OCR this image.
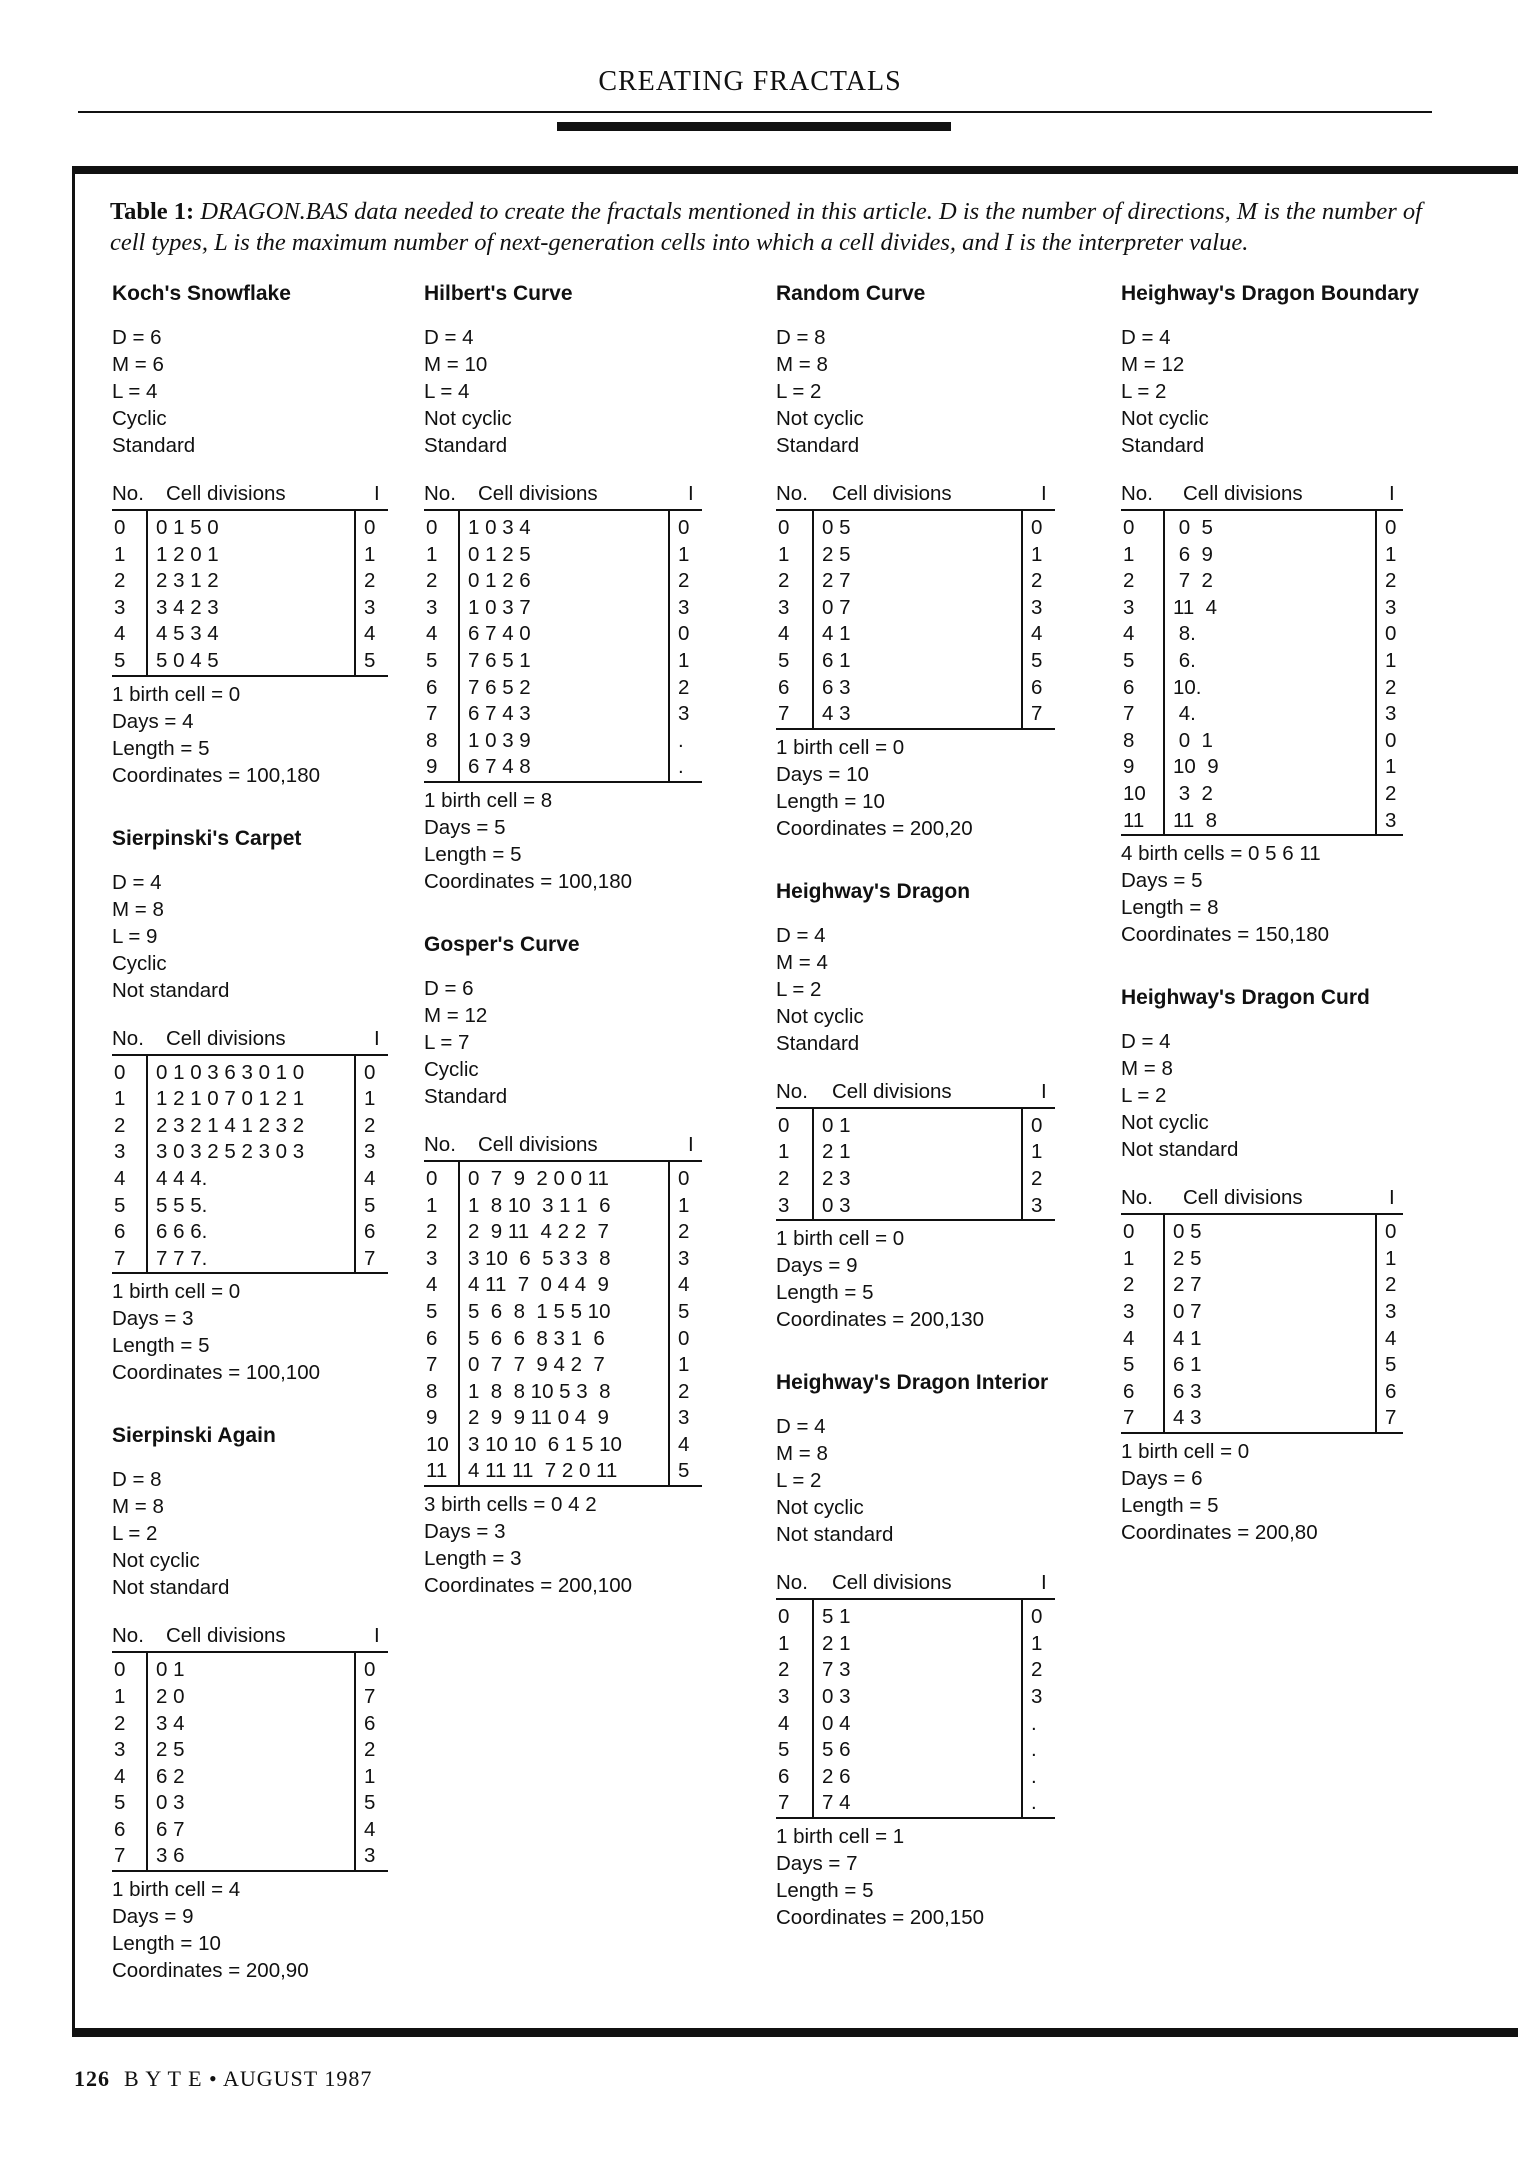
CREATING FRACTALS
Table 1: DRAGON.BAS data needed to create the fractals mentioned in this article. D is the number of directions, M is the number of cell types, L is the maximum number of next-generation cells into which a cell divides, and I is the interpreter value.
Koch's Snowflake
D = 6
M = 6
L = 4
Cyclic
Standard
No. Cell divisions	I
0 0 1 5 0	0
1 1 2 0 1	1
2 2 3 1 2	2
3 3 4 2 3	3
4 4 5 3 4	4
5 5 0 4 5	5
1 birth cell = 0
Days = 4
Length = 5
Coordinates = 100,180
Sierpinski's Carpet
D = 4
M = 8
L = 9
Cyclic
Not standard
No. Cell divisions	I
0 0 1 0 3 6 3 0 1 0	0
1 1 2 1 0 7 0 1 2 1	1
2 2 3 2 1 4 1 2 3 2	2
3 3 0 3 2 5 2 3 0 3	3
4 4 4 4.	4
5 5 5 5.	5
6 6 6 6.	6
7 7 7 7.	7
1 birth cell = 0
Days = 3
Length = 5
Coordinates = 100,100
Sierpinski Again
D = 8
M = 8
L = 2
Not cyclic
Not standard
No. Cell divisions	I
0 0 1	0
1 2 0	7
2 3 4	6
3 2 5	2
4 6 2	1
5 0 3	5
6 6 7	4
7 3 6	3
1 birth cell = 4
Days = 9
Length = 10
Coordinates = 200,90
Hilbert's Curve
D = 4
M = 10
L = 4
Not cyclic
Standard
No. Cell divisions	I
0 1 0 3 4	0
1 0 1 2 5	1
2 0 1 2 6	2
3 1 0 3 7	3
4 6 7 4 0	0
5 7 6 5 1	1
6 7 6 5 2	2
7 6 7 4 3	3
8 1 0 3 9	.
9 6 7 4 8	.
1 birth cell = 8
Days = 5
Length = 5
Coordinates = 100,180
Gosper's Curve
D = 6
M = 12
L = 7
Cyclic
Standard
No. Cell divisions	I
0 0  7  9  2 0 0 11	0
1 1  8 10  3 1 1  6	1
2 2  9 11  4 2 2  7	2
3 3 10  6  5 3 3  8	3
4 4 11  7  0 4 4  9	4
5 5  6  8  1 5 5 10	5
6 5  6  6  8 3 1  6	0
7 0  7  7  9 4 2  7	1
8 1  8  8 10 5 3  8	2
9 2  9  9 11 0 4  9	3
10 3 10 10  6 1 5 10	4
11 4 11 11  7 2 0 11	5
3 birth cells = 0 4 2
Days = 3
Length = 3
Coordinates = 200,100
Random Curve
D = 8
M = 8
L = 2
Not cyclic
Standard
No. Cell divisions	I
0 0 5	0
1 2 5	1
2 2 7	2
3 0 7	3
4 4 1	4
5 6 1	5
6 6 3	6
7 4 3	7
1 birth cell = 0
Days = 10
Length = 10
Coordinates = 200,20
Heighway's Dragon
D = 4
M = 4
L = 2
Not cyclic
Standard
No. Cell divisions	I
0 0 1	0
1 2 1	1
2 2 3	2
3 0 3	3
1 birth cell = 0
Days = 9
Length = 5
Coordinates = 200,130
Heighway's Dragon Interior
D = 4
M = 8
L = 2
Not cyclic
Not standard
No. Cell divisions	I
0 5 1	0
1 2 1	1
2 7 3	2
3 0 3	3
4 0 4	.
5 5 6	.
6 2 6	.
7 7 4	.
1 birth cell = 1
Days = 7
Length = 5
Coordinates = 200,150
Heighway's Dragon Boundary
D = 4
M = 12
L = 2
Not cyclic
Standard
No. Cell divisions	I
0 0  5	0
1 6  9	1
2 7  2	2
3 11  4	3
4 8.	0
5 6.	1
6 10.	2
7 4.	3
8 0  1	0
9 10  9	1
10 3  2	2
11 11  8	3
4 birth cells = 0 5 6 11
Days = 5
Length = 8
Coordinates = 150,180
Heighway's Dragon Curd
D = 4
M = 8
L = 2
Not cyclic
Not standard
No. Cell divisions	I
0 0 5	0
1 2 5	1
2 2 7	2
3 0 7	3
4 4 1	4
5 6 1	5
6 6 3	6
7 4 3	7
1 birth cell = 0
Days = 6
Length = 5
Coordinates = 200,80
126 B Y T E • AUGUST 1987
